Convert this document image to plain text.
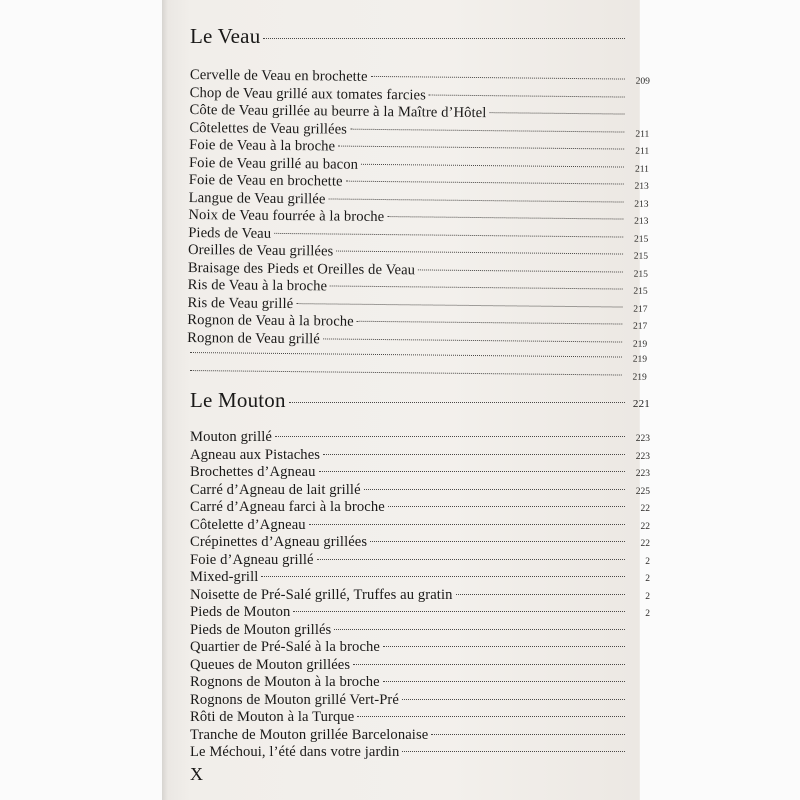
Le Veau
Cervelle de Veau en brochette	209
Chop de Veau grillé aux tomates farcies
Côte de Veau grillée au beurre à la Maître d’Hôtel
Côtelettes de Veau grillées	211
Foie de Veau à la broche	211
Foie de Veau grillé au bacon	211
Foie de Veau en brochette	213
Langue de Veau grillée	213
Noix de Veau fourrée à la broche	213
Pieds de Veau	215
Oreilles de Veau grillées	215
Braisage des Pieds et Oreilles de Veau	215
Ris de Veau à la broche	215
Ris de Veau grillé	217
Rognon de Veau à la broche	217
Rognon de Veau grillé	219
219
219
Le Mouton	221
Mouton grillé	223
Agneau aux Pistaches	223
Brochettes d’Agneau	223
Carré d’Agneau de lait grillé	225
Carré d’Agneau farci à la broche	22
Côtelette d’Agneau	22
Crépinettes d’Agneau grillées	22
Foie d’Agneau grillé	2
Mixed-grill	2
Noisette de Pré-Salé grillé, Truffes au gratin	2
Pieds de Mouton	2
Pieds de Mouton grillés
Quartier de Pré-Salé à la broche
Queues de Mouton grillées
Rognons de Mouton à la broche
Rognons de Mouton grillé Vert-Pré
Rôti de Mouton à la Turque
Tranche de Mouton grillée Barcelonaise
Le Méchoui, l’été dans votre jardin
X
